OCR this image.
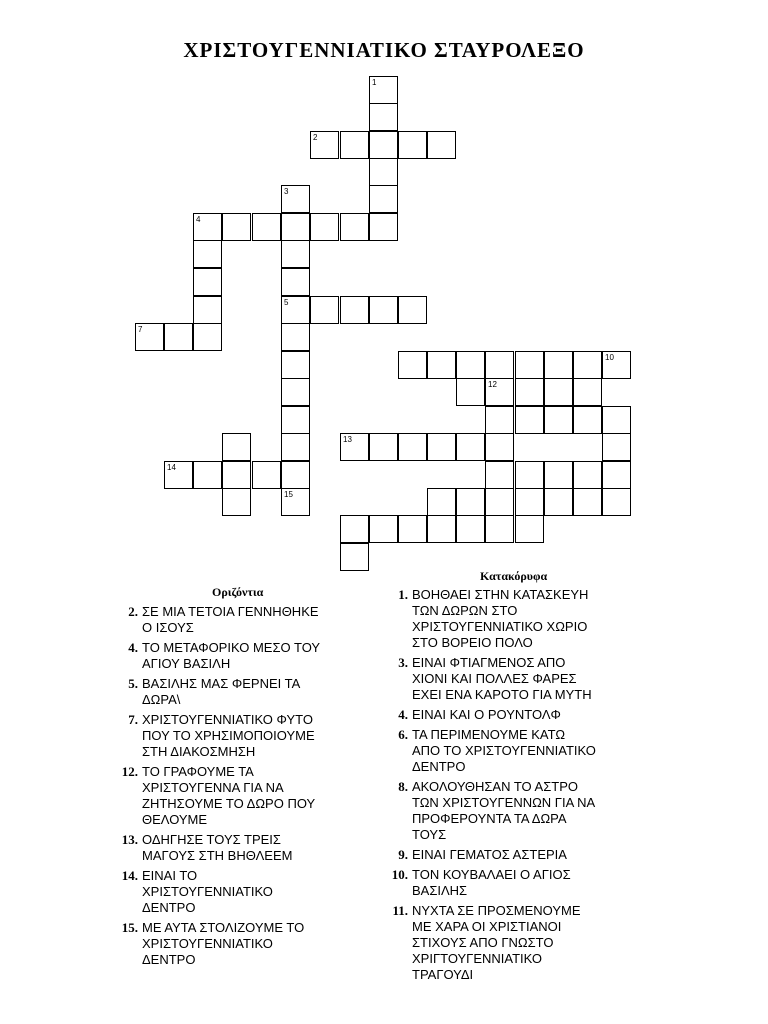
ΧΡΙΣΤΟΥΓΕΝΝΙΑΤΙΚΟ ΣΤΑΥΡΟΛΕΞΟ
1
2
3
5
15
4
7
10
12
14
13
Οριζόντια
2. ΣΕ ΜΙΑ ΤΕΤΟΙΑ ΓΕΝΝΗΘΗΚΕ
Ο ΙΣΟΥΣ
4. ΤΟ ΜΕΤΑΦΟΡΙΚΟ ΜΕΣΟ ΤΟΥ
ΑΓΙΟΥ ΒΑΣΙΛΗ
5. ΒΑΣΙΛΗΣ ΜΑΣ ΦΕΡΝΕΙ ΤΑ
ΔΩΡΑ\
7. ΧΡΙΣΤΟΥΓΕΝΝΙΑΤΙΚΟ ΦΥΤΟ
ΠΟΥ ΤΟ ΧΡΗΣΙΜΟΠΟΙΟΥΜΕ
ΣΤΗ ΔΙΑΚΟΣΜΗΣΗ
12. ΤΟ ΓΡΑΦΟΥΜΕ ΤΑ
ΧΡΙΣΤΟΥΓΕΝΝΑ ΓΙΑ ΝΑ
ΖΗΤΗΣΟΥΜΕ ΤΟ ΔΩΡΟ ΠΟΥ
ΘΕΛΟΥΜΕ
13. ΟΔΗΓΗΣΕ ΤΟΥΣ ΤΡΕΙΣ
ΜΑΓΟΥΣ ΣΤΗ ΒΗΘΛΕΕΜ
14. ΕΙΝΑΙ ΤΟ
ΧΡΙΣΤΟΥΓΕΝΝΙΑΤΙΚΟ
ΔΕΝΤΡΟ
15. ΜΕ ΑΥΤΑ ΣΤΟΛΙΖΟΥΜΕ ΤΟ
ΧΡΙΣΤΟΥΓΕΝΝΙΑΤΙΚΟ
ΔΕΝΤΡΟ
Κατακόρυφα
1. ΒΟΗΘΑΕΙ ΣΤΗΝ ΚΑΤΑΣΚΕΥΗ
ΤΩΝ ΔΩΡΩΝ ΣΤΟ
ΧΡΙΣΤΟΥΓΕΝΝΙΑΤΙΚΟ ΧΩΡΙΟ
ΣΤΟ ΒΟΡΕΙΟ ΠΟΛΟ
3. ΕΙΝΑΙ ΦΤΙΑΓΜΕΝΟΣ ΑΠΟ
ΧΙΟΝΙ ΚΑΙ ΠΟΛΛΕΣ ΦΑΡΕΣ
ΕΧΕΙ ΕΝΑ ΚΑΡΟΤΟ ΓΙΑ ΜΥΤΗ
4. ΕΙΝΑΙ ΚΑΙ Ο ΡΟΥΝΤΟΛΦ
6. ΤΑ ΠΕΡΙΜΕΝΟΥΜΕ ΚΑΤΩ
ΑΠΟ ΤΟ ΧΡΙΣΤΟΥΓΕΝΝΙΑΤΙΚΟ
ΔΕΝΤΡΟ
8. ΑΚΟΛΟΥΘΗΣΑΝ ΤΟ ΑΣΤΡΟ
ΤΩΝ ΧΡΙΣΤΟΥΓΕΝΝΩΝ ΓΙΑ ΝΑ
ΠΡΟΦΕΡΟΥΝΤΑ ΤΑ ΔΩΡΑ
ΤΟΥΣ
9. ΕΙΝΑΙ ΓΕΜΑΤΟΣ ΑΣΤΕΡΙΑ
10. ΤΟΝ ΚΟΥΒΑΛΑΕΙ Ο ΑΓΙΟΣ
ΒΑΣΙΛΗΣ
11. ΝΥΧΤΑ ΣΕ ΠΡΟΣΜΕΝΟΥΜΕ
ΜΕ ΧΑΡΑ ΟΙ ΧΡΙΣΤΙΑΝΟΙ
ΣΤΙΧΟΥΣ ΑΠΟ ΓΝΩΣΤΟ
ΧΡΙΓΤΟΥΓΕΝΝΙΑΤΙΚΟ
ΤΡΑΓΟΥΔΙ
